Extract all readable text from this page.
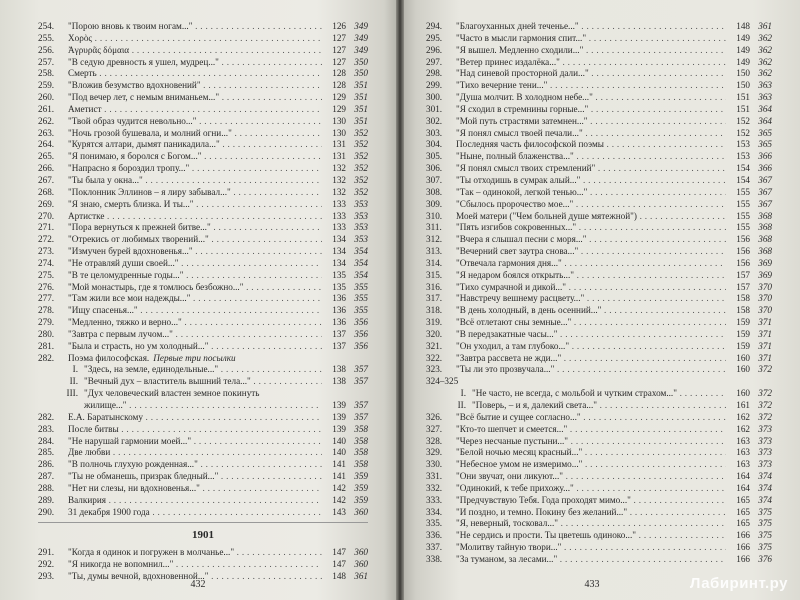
254. "Порою вновь к твоим ногам..." . . .	126 349
255. Χορὸς . . .	127 349
256. Ἀγρυρᾶς δόμαια . . .	127 349
257. "В седую древность я ушел, мудрец..." . . .	127 350
258. Смерть . . .	128 350
259. "Вложив безумство вдохновений" . . .	128 351
260. "Под вечер лет, с немым вниманьем..." . . .	129 351
261. Аметист . . .	129 351
262. "Твой образ чудится невольно..." . . .	130 351
263. "Ночь грозой бушевала, и молний огни..." . . .	130 352
264. "Курятся алтари, дымят паникадила..." . . .	131 352
265. "Я понимаю, я боролся с Богом..." . . .	131 352
266. "Напрасно я бороздил тропу..." . . .	132 352
267. "Ты была у окна..." . . .	132 352
268. "Поклонник Эллинов – я лиру забывал..." . . .	132 352
269. "Я знаю, смерть близка. И ты..." . . .	133 353
270. Артистке . . .	133 353
271. "Пора вернуться к прежней битве..." . . .	133 353
272. "Отрекись от любимых творений..." . . .	134 353
273. "Измучен бурей вдохновенья..." . . .	134 354
274. "Не отравляй души своей..." . . .	134 354
275. "В те целомудренные годы..." . . .	135 354
276. "Мой монастырь, где я томлюсь безбожно..." . . .	135 355
277. "Там жили все мои надежды..." . . .	136 355
278. "Ищу спасенья..." . . .	136 355
279. "Медленно, тяжко и верно..." . . .	136 356
280. "Завтра с первым лучом..." . . .	137 356
281. "Была и страсть, но ум холодный..." . . .	137 356
282. Поэма философская. Первые три посылки
I. "Здесь, на земле, единодельные..." . . .	138 357
II. "Вечный дух – властитель вышний тела..." . . .	138 357
III. "Дух человеческий властен земное покинуть
жилище..." . . .	139 357
282. Е.А. Баратынскому . . .	139 357
283. После битвы . . .	139 358
284. "Не нарушай гармонии моей..." . . .	140 358
285. Две любви . . .	140 358
286. "В полночь глухую рожденная..." . . .	141 358
287. "Ты не обманешь, призрак бледный..." . . .	141 359
288. "Нет ни слезы, ни вдохновенья..." . . .	142 359
289. Валкирия . . .	142 359
290. 31 декабря 1900 года . . .	143 360
1901
291. "Когда я одинок и погружен в молчанье..." . . .	147 360
292. "Я никогда не вопомнил..." . . .	147 360
293. "Ты, думы вечной, вдохновенной..." . . .	148 361
432
294. "Благоуханных дней теченье..." . . .	148 361
295. "Часто в мысли гармония спит..." . . .	149 362
296. "Я вышел. Медленно сходили..." . . .	149 362
297. "Ветер принес издалёка..." . . .	149 362
298. "Над синевой просторной дали..." . . .	150 362
299. "Тихо вечерние тени..." . . .	150 363
300. "Душа молчит. В холодном небе..." . . .	151 363
301. "Я сходил в стремнины горные..." . . .	151 364
302. "Мой путь страстями затемнен..." . . .	152 364
303. "Я понял смысл твоей печали..." . . .	152 365
304. Последняя часть философской поэмы . . .	153 365
305. "Ныне, полный блаженства..." . . .	153 366
306. "Я понял смысл твоих стремлений" . . .	154 366
307. "Ты отходишь в сумрак алый..." . . .	154 367
308. "Так – одинокой, легкой тенью..." . . .	155 367
309. "Сбылось пророчество мое..." . . .	155 367
310. Моей матери ("Чем больней душе мятежной") . . .	155 368
311. "Пять изгибов сокровенных..." . . .	155 368
312. "Вчера я слышал песни с моря..." . . .	156 368
313. "Вечерний свет заутра снова..." . . .	156 368
314. "Отвечала гармония дня..." . . .	156 369
315. "Я недаром боялся открыть..." . . .	157 369
316. "Тихо сумрачной и дикой..." . . .	157 370
317. "Навстречу вешнему расцвету..." . . .	158 370
318. "В день холодный, в день осенний..." . . .	158 370
319. "Всё отлетают сны земные..." . . .	159 371
320. "В передзакатные часы..." . . .	159 371
321. "Он уходил, а там глубоко..." . . .	159 371
322. "Завтра рассвета не жди..." . . .	160 371
323. "Ты ли это прозвучала..." . . .	160 372
324–325
I. "Не часто, не всегда, с мольбой и чутким страхом..." . . .	160 372
II. "Поверь, – и я, далекий света..." . . .	161 372
326. "Всё бытие и сущее согласно..." . . .	162 372
327. "Кто-то шепчет и смеется..." . . .	162 373
328. "Через несчаные пустыни..." . . .	163 373
329. "Белой ночью месяц красный..." . . .	163 373
330. "Небесное умом не измеримо..." . . .	163 373
331. "Они звучат, они ликуют..." . . .	164 374
332. "Одинокий, к тебе прихожу..." . . .	164 374
333. "Предчувствую Тебя. Года проходят мимо..." . . .	165 374
334. "И поздно, и темно. Покину без желаний..." . . .	165 375
335. "Я, неверный, тосковал..." . . .	165 375
336. "Не сердись и прости. Ты цветешь одиноко..." . . .	166 375
337. "Молитву тайную твори..." . . .	166 375
338. "За туманом, за лесами..." . . .	166 376
433	Лабиринт.ру
